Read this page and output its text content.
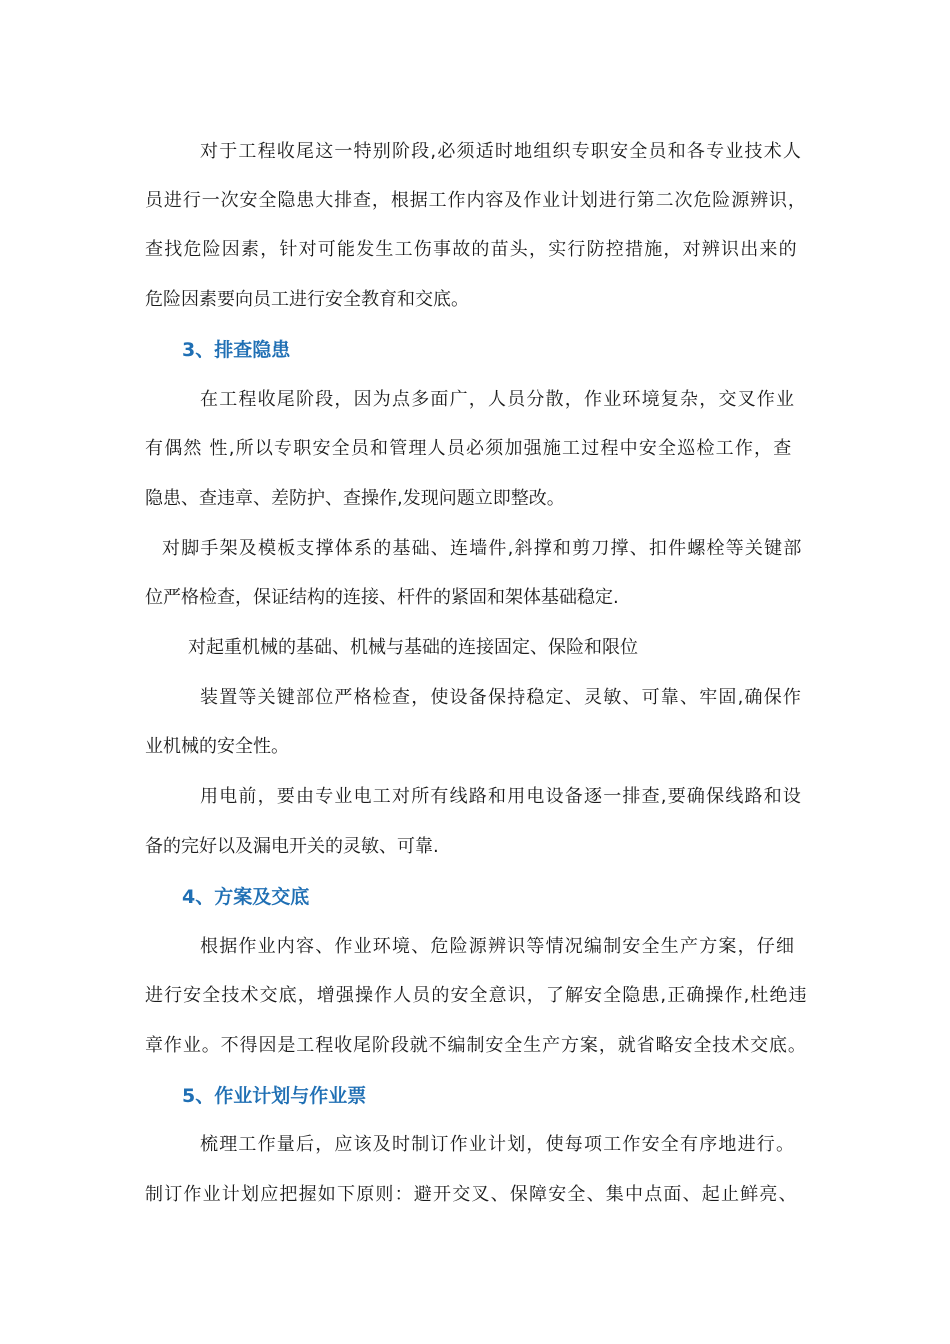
对于工程收尾这一特别阶段,必须适时地组织专职安全员和各专业技术人
员进行一次安全隐患大排查，根据工作内容及作业计划进行第二次危险源辨识，
查找危险因素，针对可能发生工伤事故的苗头，实行防控措施，对辨识出来的
危险因素要向员工进行安全教育和交底。
3、排查隐患
在工程收尾阶段，因为点多面广，人员分散，作业环境复杂，交叉作业
有偶然 性,所以专职安全员和管理人员必须加强施工过程中安全巡检工作，查
隐患、查违章、差防护、查操作,发现问题立即整改。
对脚手架及模板支撑体系的基础、连墙件,斜撑和剪刀撑、扣件螺栓等关键部
位严格检查，保证结构的连接、杆件的紧固和架体基础稳定.
对起重机械的基础、机械与基础的连接固定、保险和限位
装置等关键部位严格检查，使设备保持稳定、灵敏、可靠、牢固,确保作
业机械的安全性。
用电前，要由专业电工对所有线路和用电设备逐一排查,要确保线路和设
备的完好以及漏电开关的灵敏、可靠.
4、方案及交底
根据作业内容、作业环境、危险源辨识等情况编制安全生产方案，仔细
进行安全技术交底，增强操作人员的安全意识，了解安全隐患,正确操作,杜绝违
章作业。不得因是工程收尾阶段就不编制安全生产方案，就省略安全技术交底。
5、作业计划与作业票
梳理工作量后，应该及时制订作业计划，使每项工作安全有序地进行。
制订作业计划应把握如下原则：避开交叉、保障安全、集中点面、起止鲜亮、
